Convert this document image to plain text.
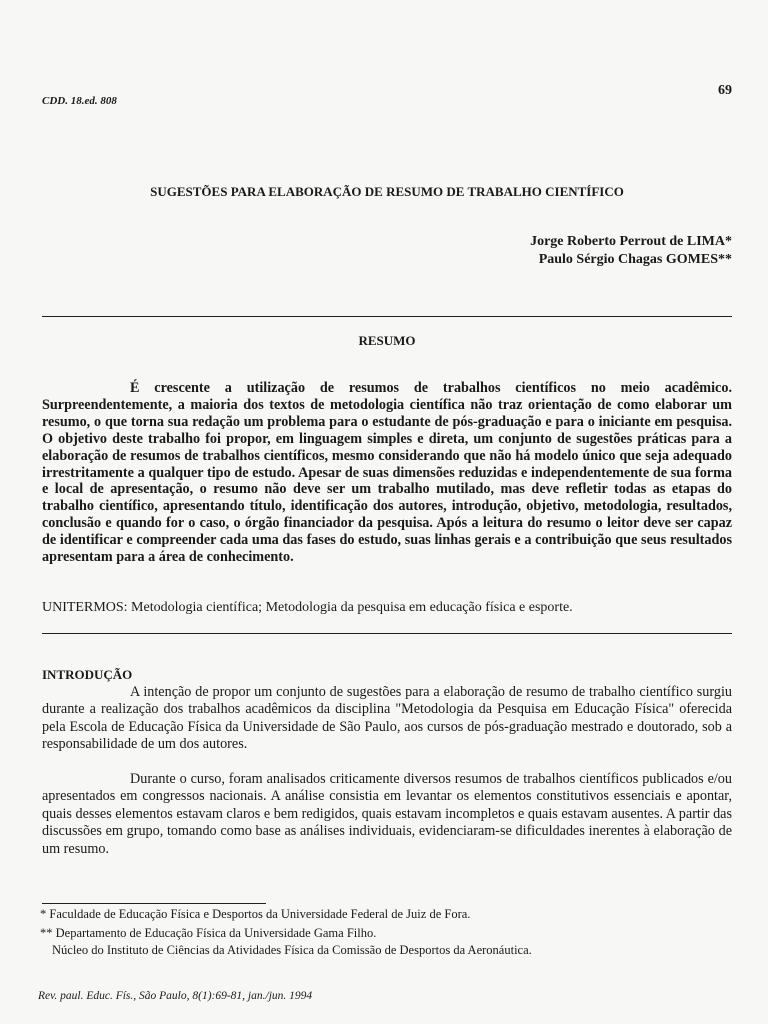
CDD. 18.ed. 808
69
SUGESTÕES PARA ELABORAÇÃO DE RESUMO DE TRABALHO CIENTÍFICO
Jorge Roberto Perrout de LIMA*
Paulo Sérgio Chagas GOMES**
RESUMO
É crescente a utilização de resumos de trabalhos científicos no meio acadêmico. Surpreendentemente, a maioria dos textos de metodologia científica não traz orientação de como elaborar um resumo, o que torna sua redação um problema para o estudante de pós-graduação e para o iniciante em pesquisa. O objetivo deste trabalho foi propor, em linguagem simples e direta, um conjunto de sugestões práticas para a elaboração de resumos de trabalhos científicos, mesmo considerando que não há modelo único que seja adequado irrestritamente a qualquer tipo de estudo. Apesar de suas dimensões reduzidas e independentemente de sua forma e local de apresentação, o resumo não deve ser um trabalho mutilado, mas deve refletir todas as etapas do trabalho científico, apresentando título, identificação dos autores, introdução, objetivo, metodologia, resultados, conclusão e quando for o caso, o órgão financiador da pesquisa. Após a leitura do resumo o leitor deve ser capaz de identificar e compreender cada uma das fases do estudo, suas linhas gerais e a contribuição que seus resultados apresentam para a área de conhecimento.
UNITERMOS: Metodologia científica; Metodologia da pesquisa em educação física e esporte.
INTRODUÇÃO
A intenção de propor um conjunto de sugestões para a elaboração de resumo de trabalho científico surgiu durante a realização dos trabalhos acadêmicos da disciplina "Metodologia da Pesquisa em Educação Física" oferecida pela Escola de Educação Física da Universidade de São Paulo, aos cursos de pós-graduação mestrado e doutorado, sob a responsabilidade de um dos autores.
Durante o curso, foram analisados criticamente diversos resumos de trabalhos científicos publicados e/ou apresentados em congressos nacionais. A análise consistia em levantar os elementos constitutivos essenciais e apontar, quais desses elementos estavam claros e bem redigidos, quais estavam incompletos e quais estavam ausentes. A partir das discussões em grupo, tomando como base as análises individuais, evidenciaram-se dificuldades inerentes à elaboração de um resumo.
* Faculdade de Educação Física e Desportos da Universidade Federal de Juiz de Fora.
** Departamento de Educação Física da Universidade Gama Filho.
Núcleo do Instituto de Ciências da Atividades Física da Comissão de Desportos da Aeronáutica.
Rev. paul. Educ. Fís., São Paulo, 8(1):69-81, jan./jun. 1994
